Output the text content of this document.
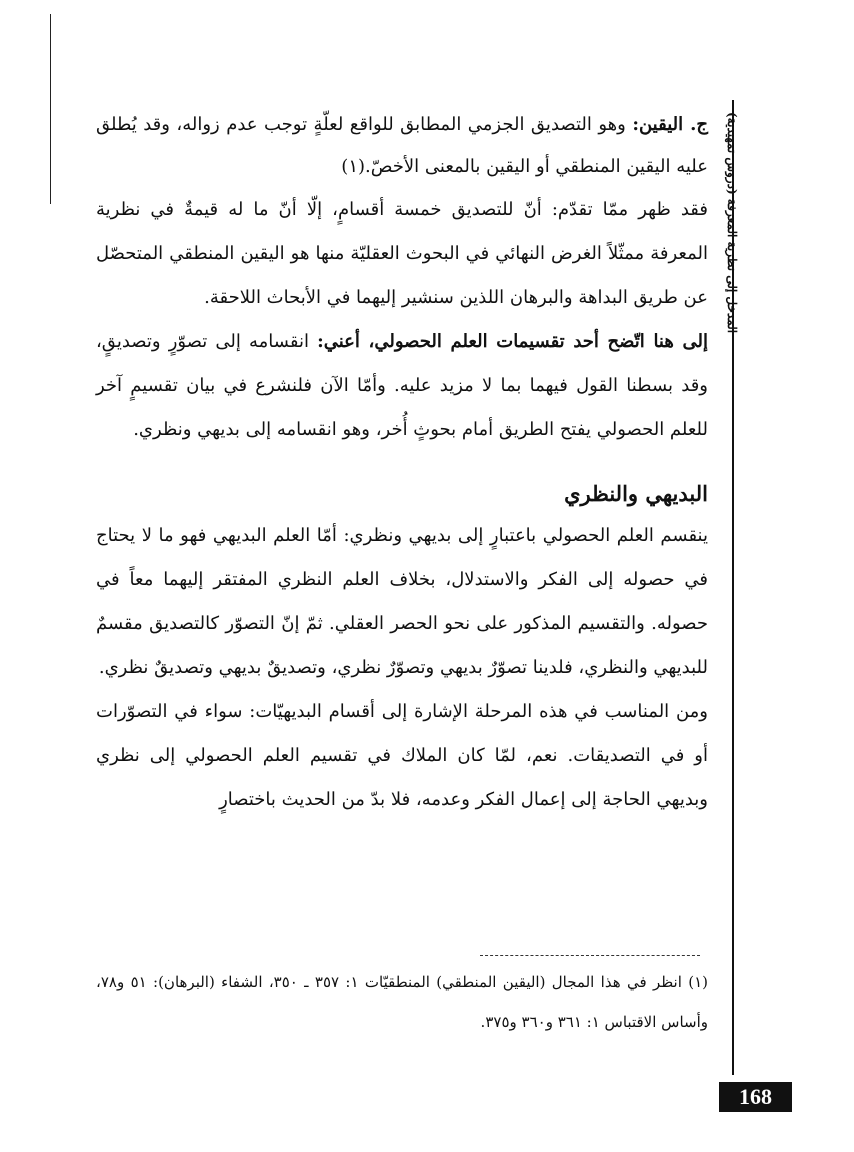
المدخل إلى نظرية المعرفة (دروس تمهيدية)

ج. اليقين: وهو التصديق الجزمي المطابق للواقع لعلّةٍ توجب عدم زواله، وقد يُطلق عليه اليقين المنطقي أو اليقين بالمعنى الأخصّ.(١)

فقد ظهر ممّا تقدّم: أنّ للتصديق خمسة أقسامٍ، إلّا أنّ ما له قيمةٌ في نظرية المعرفة ممثّلاً الغرض النهائي في البحوث العقليّة منها هو اليقين المنطقي المتحصّل عن طريق البداهة والبرهان اللذين سنشير إليهما في الأبحاث اللاحقة.

إلى هنا اتّضح أحد تقسيمات العلم الحصولي، أعني: انقسامه إلى تصوّرٍ وتصديقٍ، وقد بسطنا القول فيهما بما لا مزيد عليه. وأمّا الآن فلنشرع في بيان تقسيمٍ آخر للعلم الحصولي يفتح الطريق أمام بحوثٍ أُخر، وهو انقسامه إلى بديهي ونظري.

البديهي والنظري

ينقسم العلم الحصولي باعتبارٍ إلى بديهي ونظري: أمّا العلم البديهي فهو ما لا يحتاج في حصوله إلى الفكر والاستدلال، بخلاف العلم النظري المفتقر إليهما معاً في حصوله. والتقسيم المذكور على نحو الحصر العقلي. ثمّ إنّ التصوّر كالتصديق مقسمٌ للبديهي والنظري، فلدينا تصوّرٌ بديهي وتصوّرٌ نظري، وتصديقٌ بديهي وتصديقٌ نظري.

ومن المناسب في هذه المرحلة الإشارة إلى أقسام البديهيّات: سواء في التصوّرات أو في التصديقات. نعم، لمّا كان الملاك في تقسيم العلم الحصولي إلى نظري وبديهي الحاجة إلى إعمال الفكر وعدمه، فلا بدّ من الحديث باختصارٍ

(١) انظر في هذا المجال (اليقين المنطقي) المنطقيّات ١: ٣٥٧ ـ ٣٥٠، الشفاء (البرهان): ٥١ و٧٨، وأساس الاقتباس ١: ٣٦١ و٣٦٠ و٣٧٥.
168
